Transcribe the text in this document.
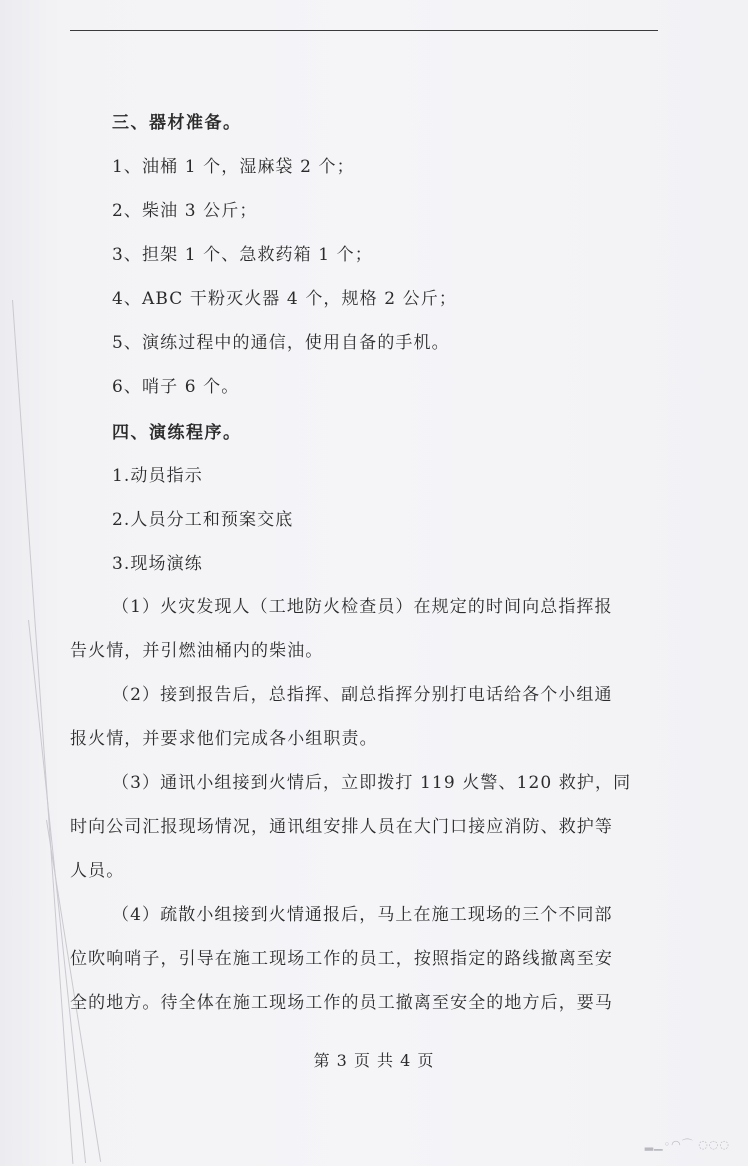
三、器材准备。
1、油桶 1 个，湿麻袋 2 个；
2、柴油 3 公斤；
3、担架 1 个、急救药箱 1 个；
4、ABC 干粉灭火器 4 个，规格 2 公斤；
5、演练过程中的通信，使用自备的手机。
6、哨子 6 个。
四、演练程序。
1.动员指示
2.人员分工和预案交底
3.现场演练
（1）火灾发现人（工地防火检查员）在规定的时间向总指挥报
告火情，并引燃油桶内的柴油。
（2）接到报告后，总指挥、副总指挥分别打电话给各个小组通
报火情，并要求他们完成各小组职责。
（3）通讯小组接到火情后，立即拨打 119 火警、120 救护，同
时向公司汇报现场情况，通讯组安排人员在大门口接应消防、救护等
人员。
（4）疏散小组接到火情通报后，马上在施工现场的三个不同部
位吹响哨子，引导在施工现场工作的员工，按照指定的路线撤离至安
全的地方。待全体在施工现场工作的员工撤离至安全的地方后，要马
第 3 页 共 4 页
▂▁◦◠⌒ ◌◌◌
